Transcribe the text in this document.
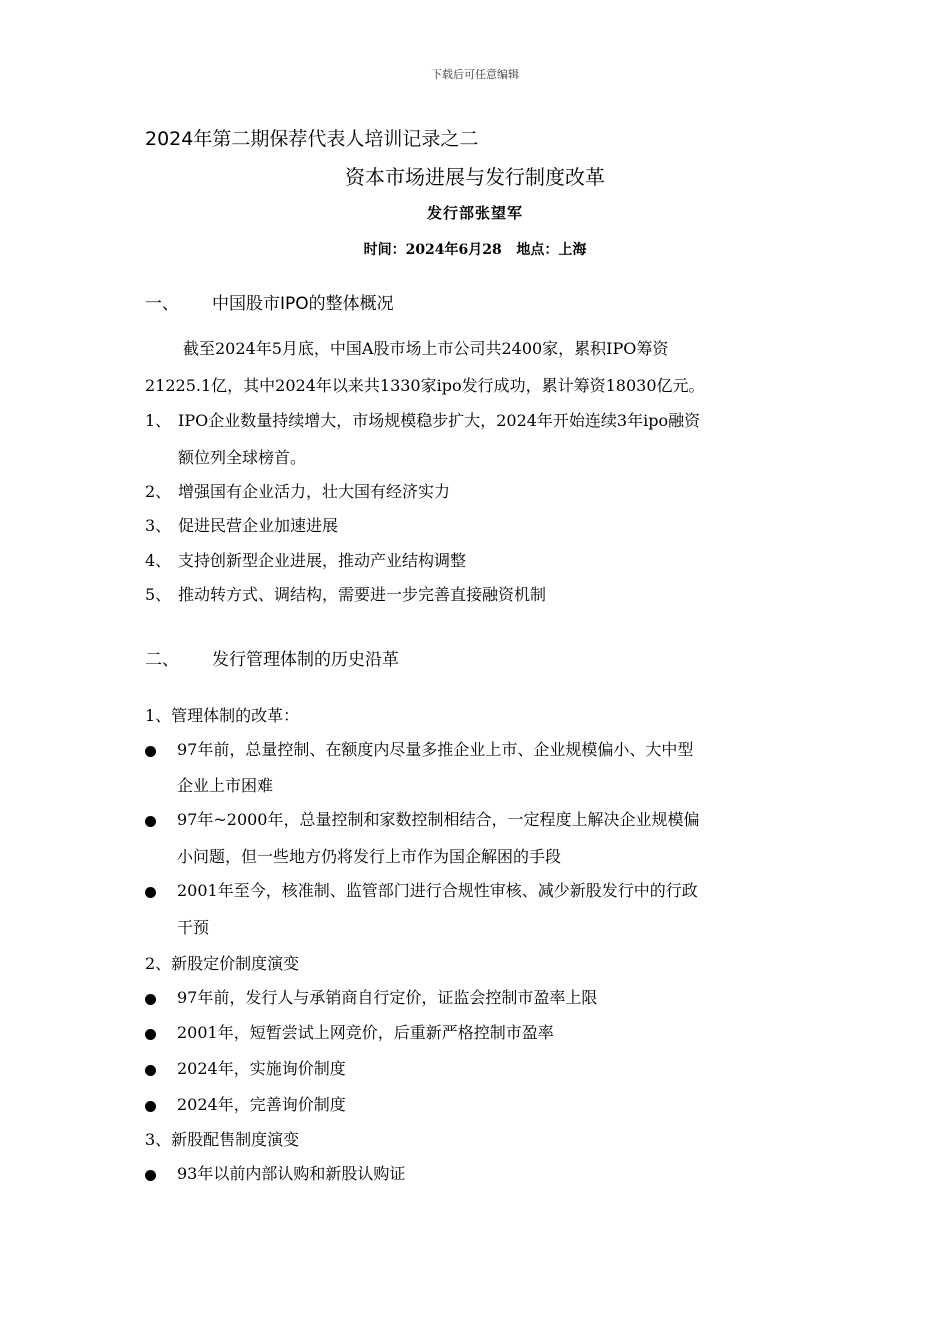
下载后可任意编辑
2024年第二期保荐代表人培训记录之二
资本市场进展与发行制度改革
发行部张望军
时间：2024年6月28 地点：上海
一、 中国股市IPO的整体概况
截至2024年5月底，中国A股市场上市公司共2400家，累积IPO筹资
21225.1亿，其中2024年以来共1330家ipo发行成功，累计筹资18030亿元。
1、 IPO企业数量持续增大，市场规模稳步扩大，2024年开始连续3年ipo融资
额位列全球榜首。
2、 增强国有企业活力，壮大国有经济实力
3、 促进民营企业加速进展
4、 支持创新型企业进展，推动产业结构调整
5、 推动转方式、调结构，需要进一步完善直接融资机制
二、 发行管理体制的历史沿革
1、管理体制的改革：
97年前，总量控制、在额度内尽量多推企业上市、企业规模偏小、大中型
企业上市困难
97年~2000年，总量控制和家数控制相结合，一定程度上解决企业规模偏
小问题，但一些地方仍将发行上市作为国企解困的手段
2001年至今，核准制、监管部门进行合规性审核、减少新股发行中的行政
干预
2、新股定价制度演变
97年前，发行人与承销商自行定价，证监会控制市盈率上限
2001年，短暂尝试上网竞价，后重新严格控制市盈率
2024年，实施询价制度
2024年，完善询价制度
3、新股配售制度演变
93年以前内部认购和新股认购证
